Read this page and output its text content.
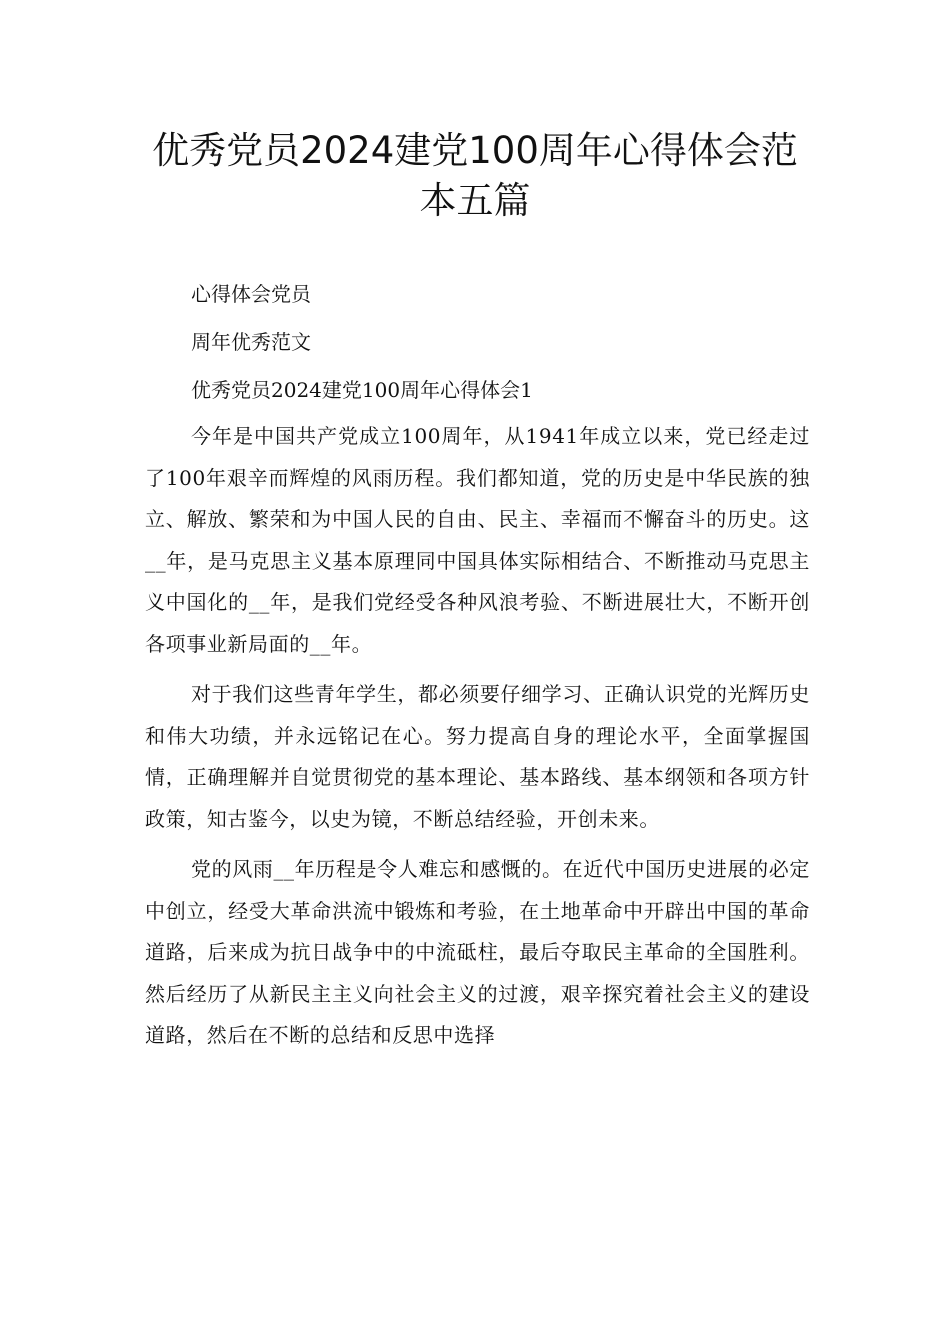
优秀党员2024建党100周年心得体会范
本五篇

心得体会党员

周年优秀范文

优秀党员2024建党100周年心得体会1

今年是中国共产党成立100周年，从1941年成立以来，党已经走过了100年艰辛而辉煌的风雨历程。我们都知道，党的历史是中华民族的独立、解放、繁荣和为中国人民的自由、民主、幸福而不懈奋斗的历史。这__年，是马克思主义基本原理同中国具体实际相结合、不断推动马克思主义中国化的__年，是我们党经受各种风浪考验、不断进展壮大，不断开创各项事业新局面的__年。

对于我们这些青年学生，都必须要仔细学习、正确认识党的光辉历史和伟大功绩，并永远铭记在心。努力提高自身的理论水平，全面掌握国情，正确理解并自觉贯彻党的基本理论、基本路线、基本纲领和各项方针政策，知古鉴今，以史为镜，不断总结经验，开创未来。

党的风雨__年历程是令人难忘和感慨的。在近代中国历史进展的必定中创立，经受大革命洪流中锻炼和考验，在土地革命中开辟出中国的革命道路，后来成为抗日战争中的中流砥柱，最后夺取民主革命的全国胜利。然后经历了从新民主主义向社会主义的过渡，艰辛探究着社会主义的建设道路，然后在不断的总结和反思中选择
